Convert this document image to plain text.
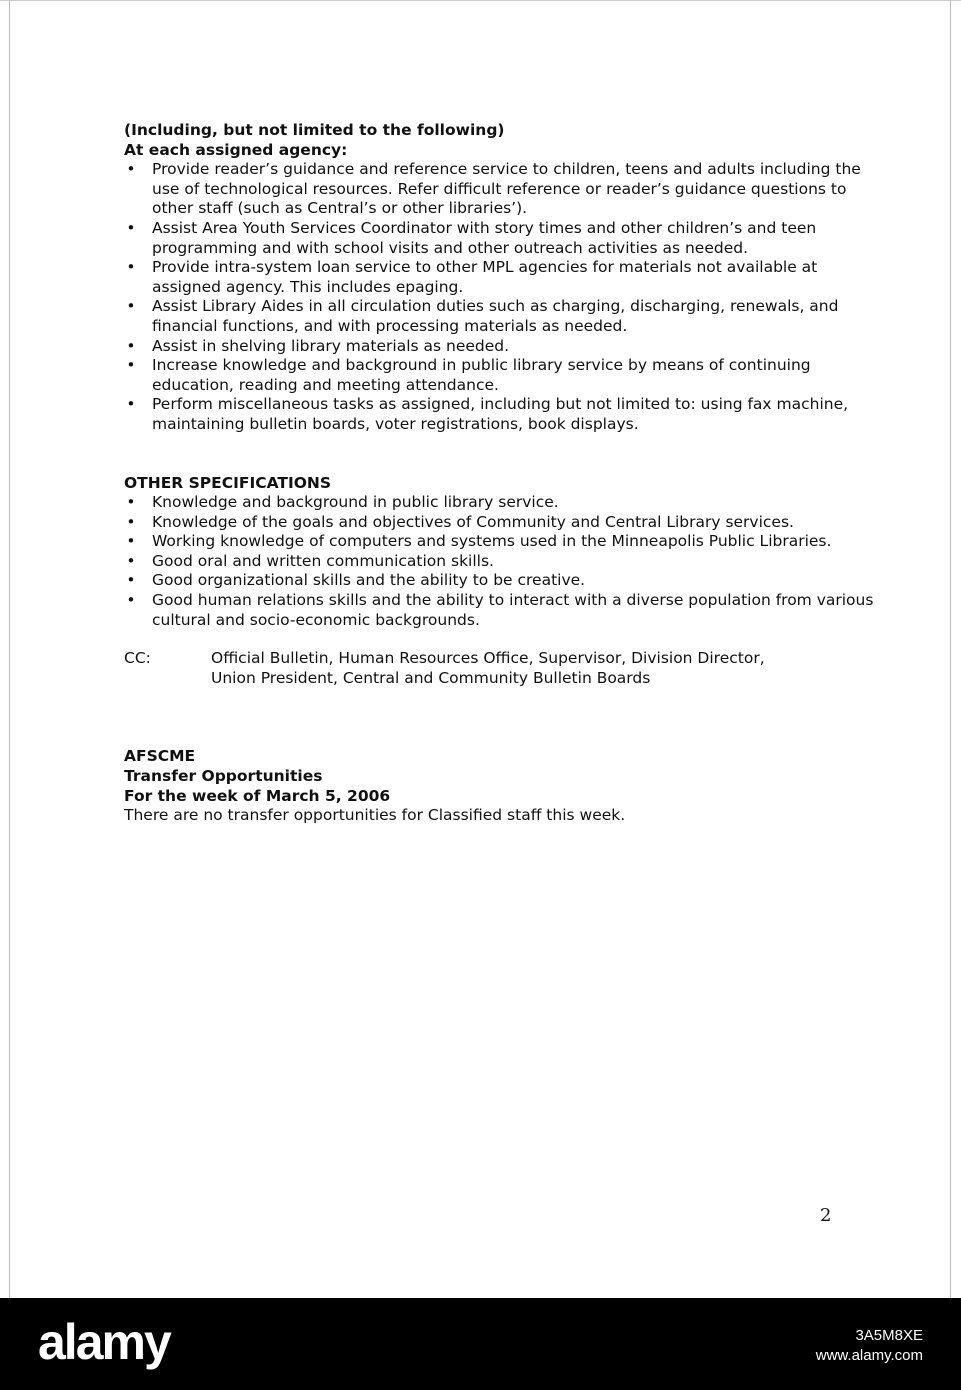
(Including, but not limited to the following)
At each assigned agency:
• Provide reader’s guidance and reference service to children, teens and adults including the use of technological resources. Refer difficult reference or reader’s guidance questions to other staff (such as Central’s or other libraries’).
• Assist Area Youth Services Coordinator with story times and other children’s and teen programming and with school visits and other outreach activities as needed.
• Provide intra-system loan service to other MPL agencies for materials not available at assigned agency. This includes epaging.
• Assist Library Aides in all circulation duties such as charging, discharging, renewals, and financial functions, and with processing materials as needed.
• Assist in shelving library materials as needed.
• Increase knowledge and background in public library service by means of continuing education, reading and meeting attendance.
• Perform miscellaneous tasks as assigned, including but not limited to: using fax machine, maintaining bulletin boards, voter registrations, book displays.
OTHER SPECIFICATIONS
• Knowledge and background in public library service.
• Knowledge of the goals and objectives of Community and Central Library services.
• Working knowledge of computers and systems used in the Minneapolis Public Libraries.
• Good oral and written communication skills.
• Good organizational skills and the ability to be creative.
• Good human relations skills and the ability to interact with a diverse population from various cultural and socio-economic backgrounds.
CC:	Official Bulletin, Human Resources Office, Supervisor, Division Director,
Union President, Central and Community Bulletin Boards
AFSCME
Transfer Opportunities
For the week of March 5, 2006
There are no transfer opportunities for Classified staff this week.
2
alamy	3A5M8XE
www.alamy.com
